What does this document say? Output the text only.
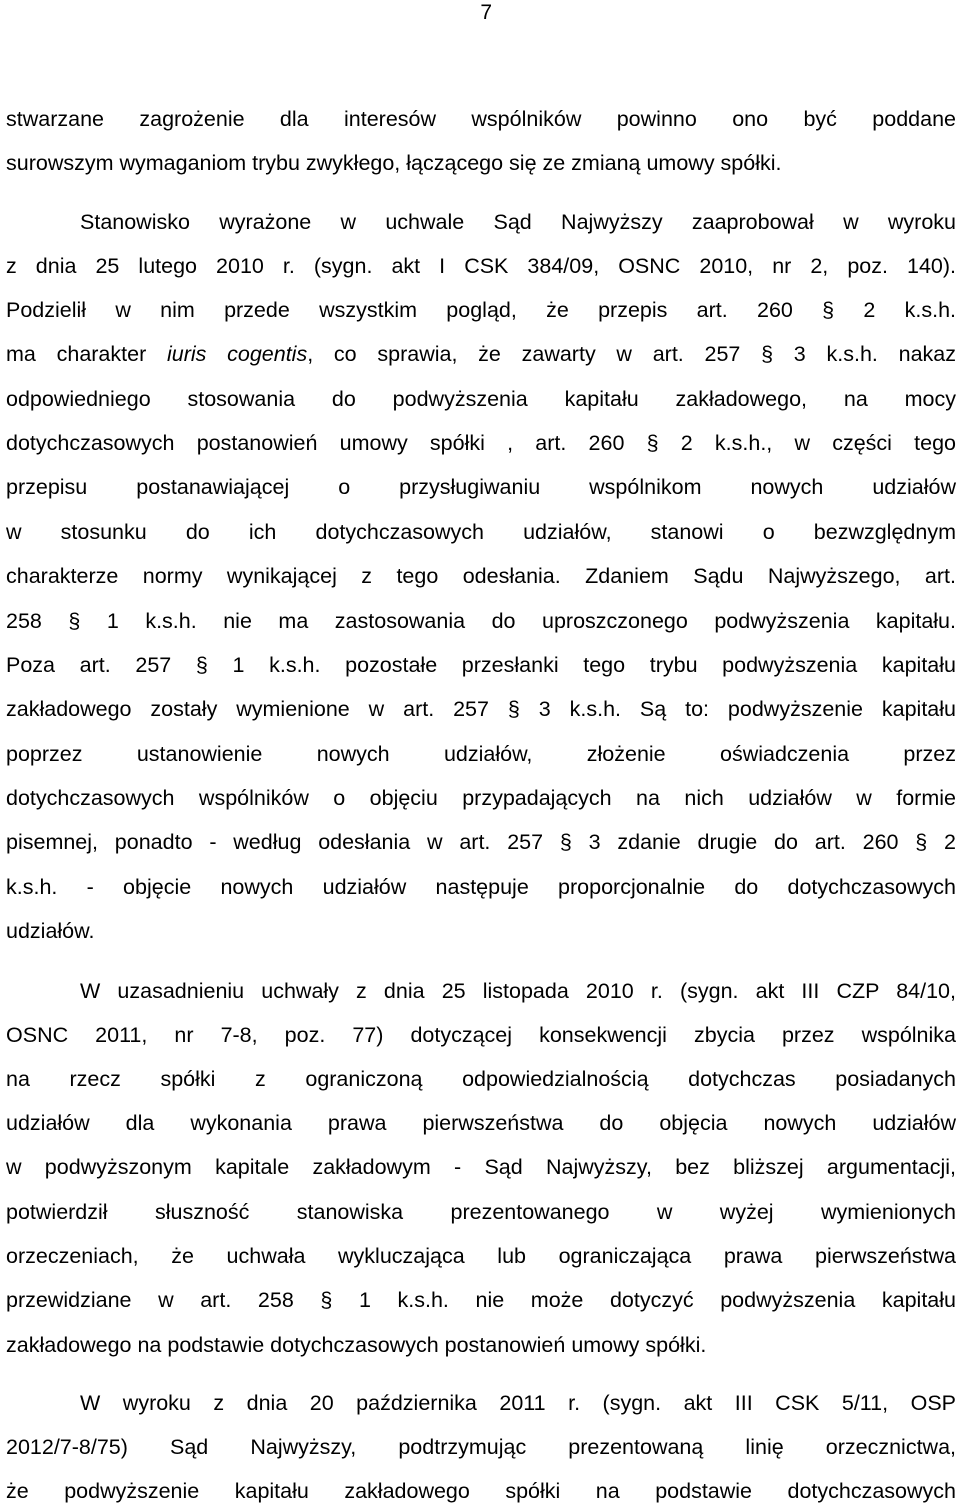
7
stwarzane zagrożenie dla interesów wspólników powinno ono być poddane
surowszym wymaganiom trybu zwykłego, łączącego się ze zmianą umowy spółki.
Stanowisko wyrażone w uchwale Sąd Najwyższy zaaprobował w wyroku
z dnia 25 lutego 2010 r. (sygn. akt I CSK 384/09, OSNC 2010, nr 2, poz. 140).
Podzielił w nim przede wszystkim pogląd, że przepis art. 260 § 2 k.s.h.
ma charakter iuris cogentis, co sprawia, że zawarty w art. 257 § 3 k.s.h. nakaz
odpowiedniego stosowania do podwyższenia kapitału zakładowego, na mocy
dotychczasowych postanowień umowy spółki , art. 260 § 2 k.s.h., w części tego
przepisu postanawiającej o przysługiwaniu wspólnikom nowych udziałów
w stosunku do ich dotychczasowych udziałów, stanowi o bezwzględnym
charakterze normy wynikającej z tego odesłania. Zdaniem Sądu Najwyższego, art.
258 § 1 k.s.h. nie ma zastosowania do uproszczonego podwyższenia kapitału.
Poza art. 257 § 1 k.s.h. pozostałe przesłanki tego trybu podwyższenia kapitału
zakładowego zostały wymienione w art. 257 § 3 k.s.h. Są to: podwyższenie kapitału
poprzez ustanowienie nowych udziałów, złożenie oświadczenia przez
dotychczasowych wspólników o objęciu przypadających na nich udziałów w formie
pisemnej, ponadto - według odesłania w art. 257 § 3 zdanie drugie do art. 260 § 2
k.s.h. - objęcie nowych udziałów następuje proporcjonalnie do dotychczasowych
udziałów.
W uzasadnieniu uchwały z dnia 25 listopada 2010 r. (sygn. akt III CZP 84/10,
OSNC 2011, nr 7-8, poz. 77) dotyczącej konsekwencji zbycia przez wspólnika
na rzecz spółki z ograniczoną odpowiedzialnością dotychczas posiadanych
udziałów dla wykonania prawa pierwszeństwa do objęcia nowych udziałów
w podwyższonym kapitale zakładowym - Sąd Najwyższy, bez bliższej argumentacji,
potwierdził słuszność stanowiska prezentowanego w wyżej wymienionych
orzeczeniach, że uchwała wykluczająca lub ograniczająca prawa pierwszeństwa
przewidziane w art. 258 § 1 k.s.h. nie może dotyczyć podwyższenia kapitału
zakładowego na podstawie dotychczasowych postanowień umowy spółki.
W wyroku z dnia 20 października 2011 r. (sygn. akt III CSK 5/11, OSP
2012/7-8/75) Sąd Najwyższy, podtrzymując prezentowaną linię orzecznictwa,
że podwyższenie kapitału zakładowego spółki na podstawie dotychczasowych
